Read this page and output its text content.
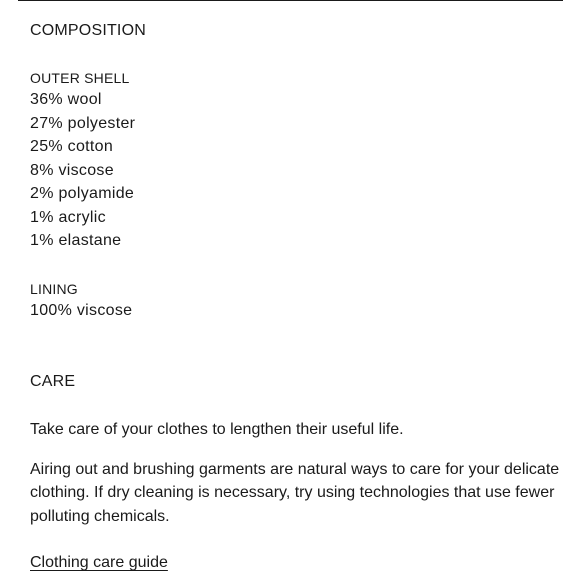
COMPOSITION
OUTER SHELL
36% wool
27% polyester
25% cotton
8% viscose
2% polyamide
1% acrylic
1% elastane
LINING
100% viscose
CARE

Take care of your clothes to lengthen their useful life.

Airing out and brushing garments are natural ways to care for your delicate clothing. If dry cleaning is necessary, try using technologies that use fewer polluting chemicals.

Clothing care guide
